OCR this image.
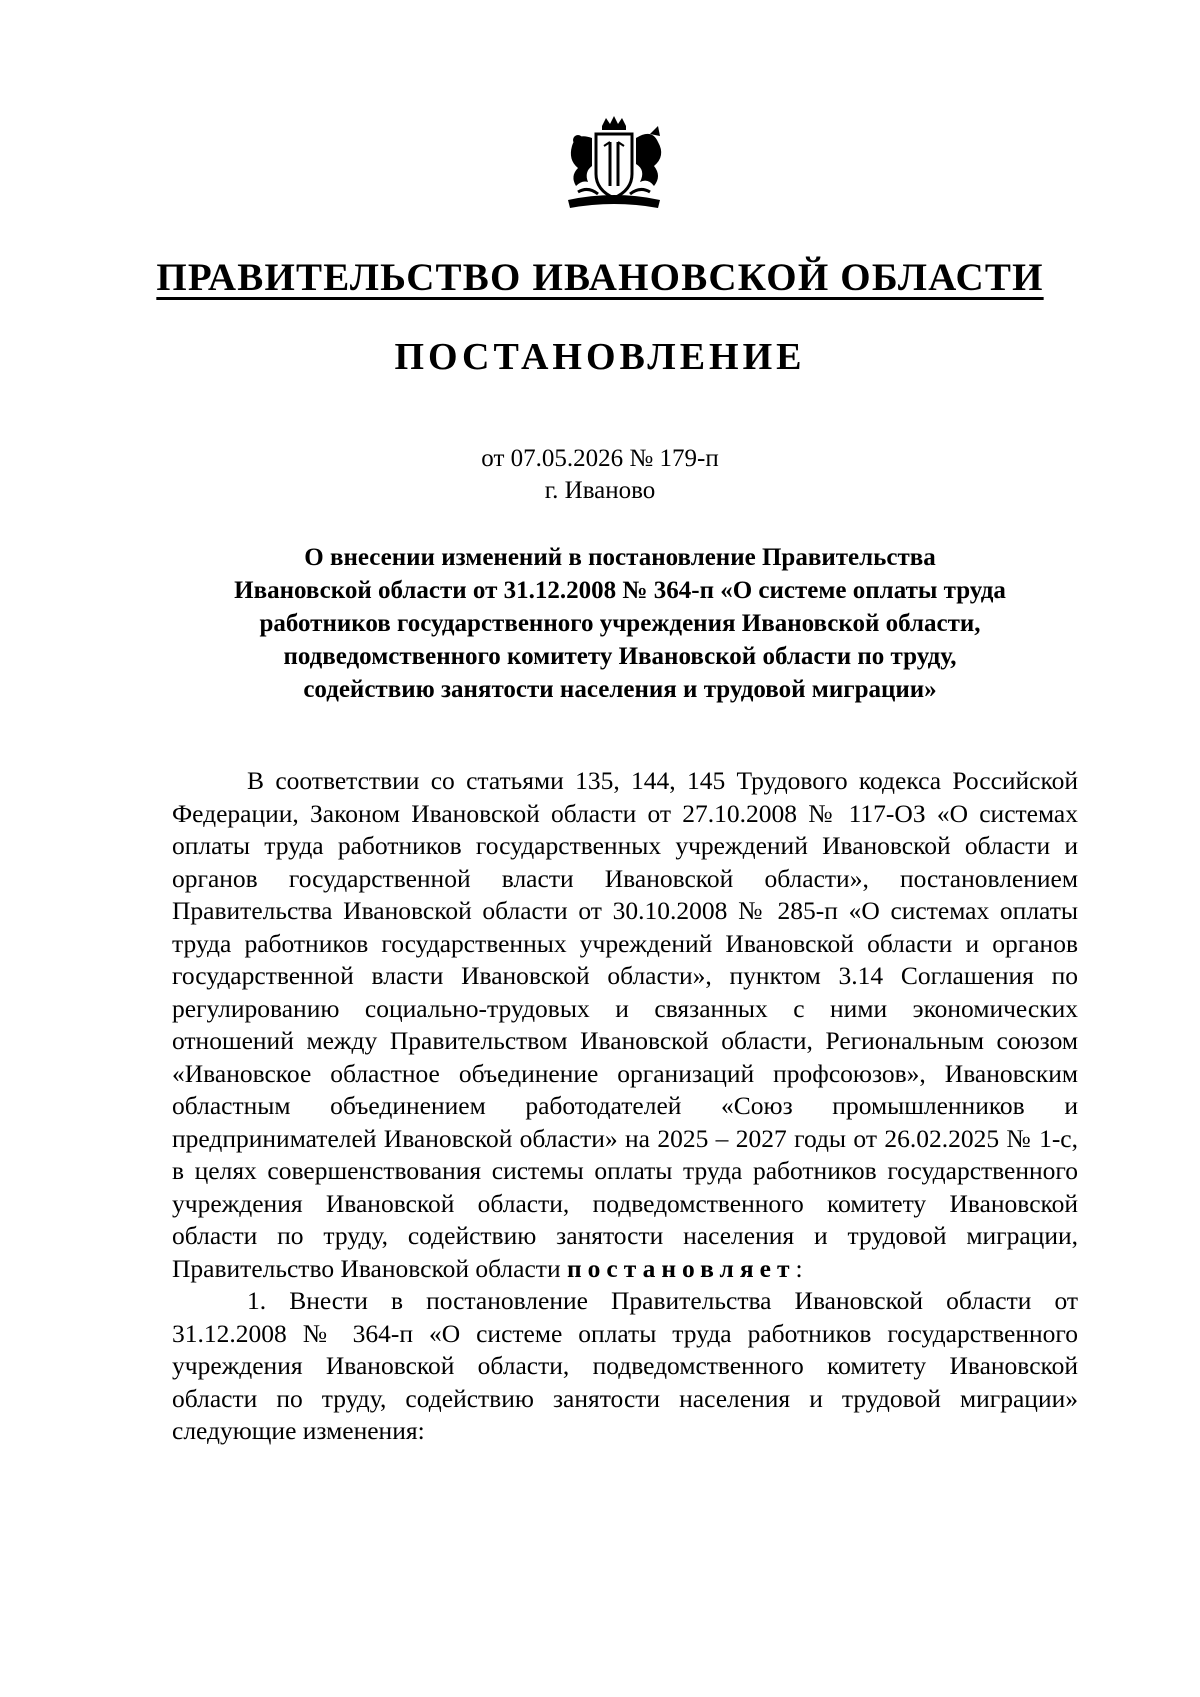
ПРАВИТЕЛЬСТВО ИВАНОВСКОЙ ОБЛАСТИ
ПОСТАНОВЛЕНИЕ
от 07.05.2026 № 179-п
г. Иваново
О внесении изменений в постановление Правительства
Ивановской области от 31.12.2008 № 364-п «О системе оплаты труда
работников государственного учреждения Ивановской области,
подведомственного комитету Ивановской области по труду,
содействию занятости населения и трудовой миграции»

В соответствии со статьями 135, 144, 145 Трудового кодекса Российской Федерации, Законом Ивановской области от 27.10.2008 № 117-ОЗ «О системах оплаты труда работников государственных учреждений Ивановской области и органов государственной власти Ивановской области», постановлением Правительства Ивановской области от 30.10.2008 № 285-п «О системах оплаты труда работников государственных учреждений Ивановской области и органов государственной власти Ивановской области», пунктом 3.14 Соглашения по регулированию социально-трудовых и связанных с ними экономических отношений между Правительством Ивановской области, Региональным союзом «Ивановское областное объединение организаций профсоюзов», Ивановским областным объединением работодателей «Союз промышленников и предпринимателей Ивановской области» на 2025 – 2027 годы от 26.02.2025 № 1-с, в целях совершенствования системы оплаты труда работников государственного учреждения Ивановской области, подведомственного комитету Ивановской области по труду, содействию занятости населения и трудовой миграции, Правительство Ивановской области постановляет:

1. Внести в постановление Правительства Ивановской области от 31.12.2008 № 364-п «О системе оплаты труда работников государственного учреждения Ивановской области, подведомственного комитету Ивановской области по труду, содействию занятости населения и трудовой миграции» следующие изменения:
